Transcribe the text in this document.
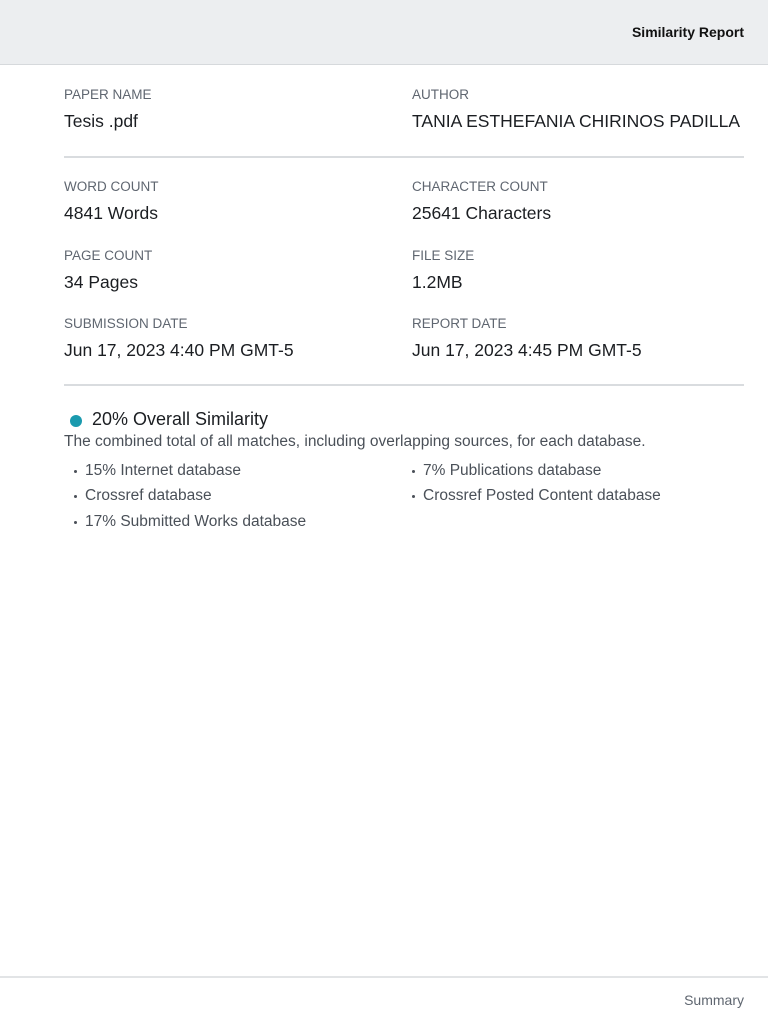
Similarity Report
PAPER NAME
Tesis .pdf
AUTHOR
TANIA ESTHEFANIA CHIRINOS PADILLA
WORD COUNT
4841 Words
CHARACTER COUNT
25641 Characters
PAGE COUNT
34 Pages
FILE SIZE
1.2MB
SUBMISSION DATE
Jun 17, 2023 4:40 PM GMT-5
REPORT DATE
Jun 17, 2023 4:45 PM GMT-5
20% Overall Similarity
The combined total of all matches, including overlapping sources, for each database.
15% Internet database
Crossref database
17% Submitted Works database
7% Publications database
Crossref Posted Content database
Summary
